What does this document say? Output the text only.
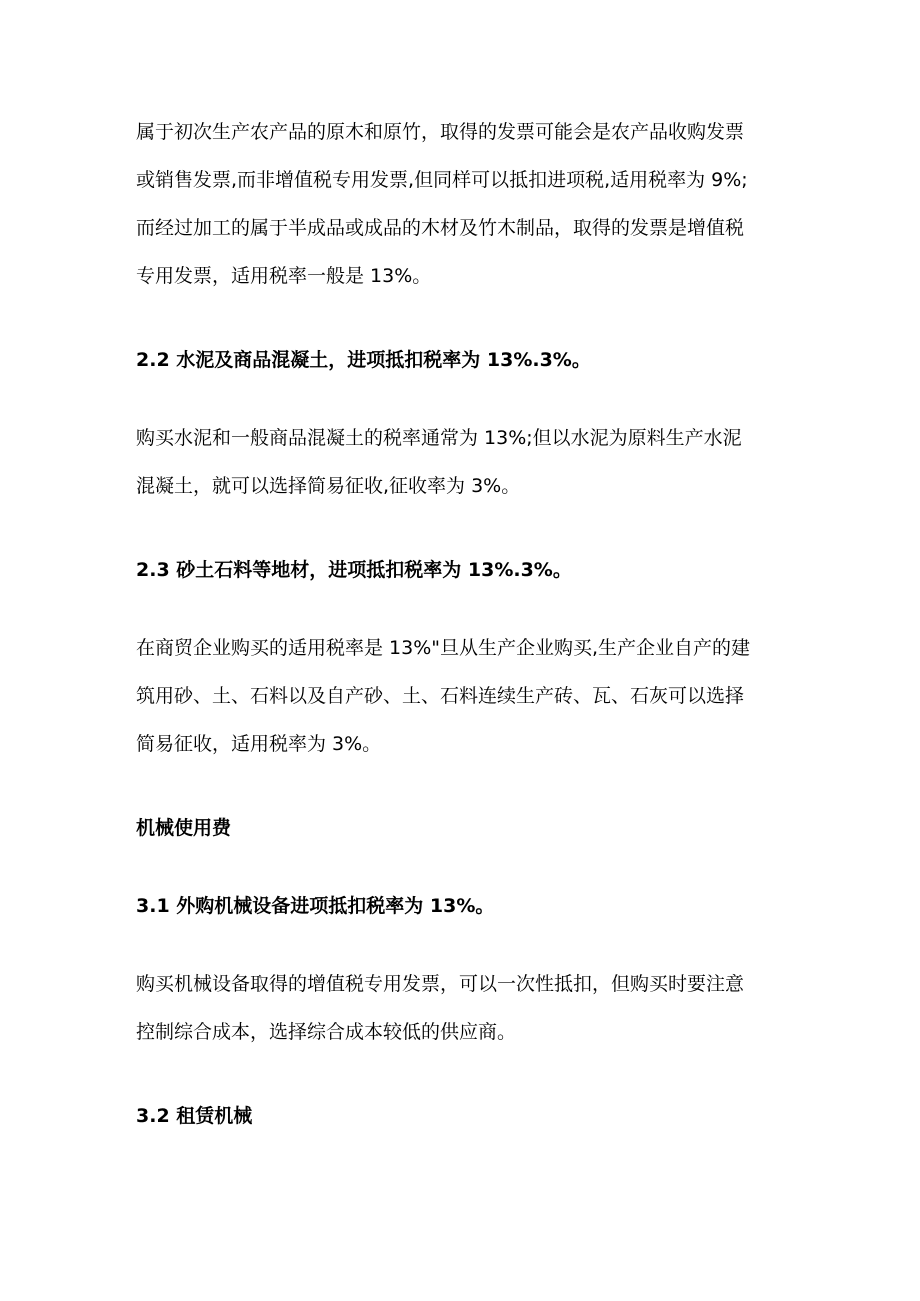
属于初次生产农产品的原木和原竹，取得的发票可能会是农产品收购发票
或销售发票,而非增值税专用发票,但同样可以抵扣进项税,适用税率为 9%;
而经过加工的属于半成品或成品的木材及竹木制品，取得的发票是增值税
专用发票，适用税率一般是 13%。

2.2 水泥及商品混凝土，进项抵扣税率为 13%.3%。

购买水泥和一般商品混凝土的税率通常为 13%;但以水泥为原料生产水泥
混凝土，就可以选择简易征收,征收率为 3%。

2.3 砂土石料等地材，进项抵扣税率为 13%.3%。

在商贸企业购买的适用税率是 13%"旦从生产企业购买,生产企业自产的建
筑用砂、土、石料以及自产砂、土、石料连续生产砖、瓦、石灰可以选择
简易征收，适用税率为 3%。

机械使用费
3.1 外购机械设备进项抵扣税率为 13%。

购买机械设备取得的增值税专用发票，可以一次性抵扣，但购买时要注意
控制综合成本，选择综合成本较低的供应商。

3.2 租赁机械
